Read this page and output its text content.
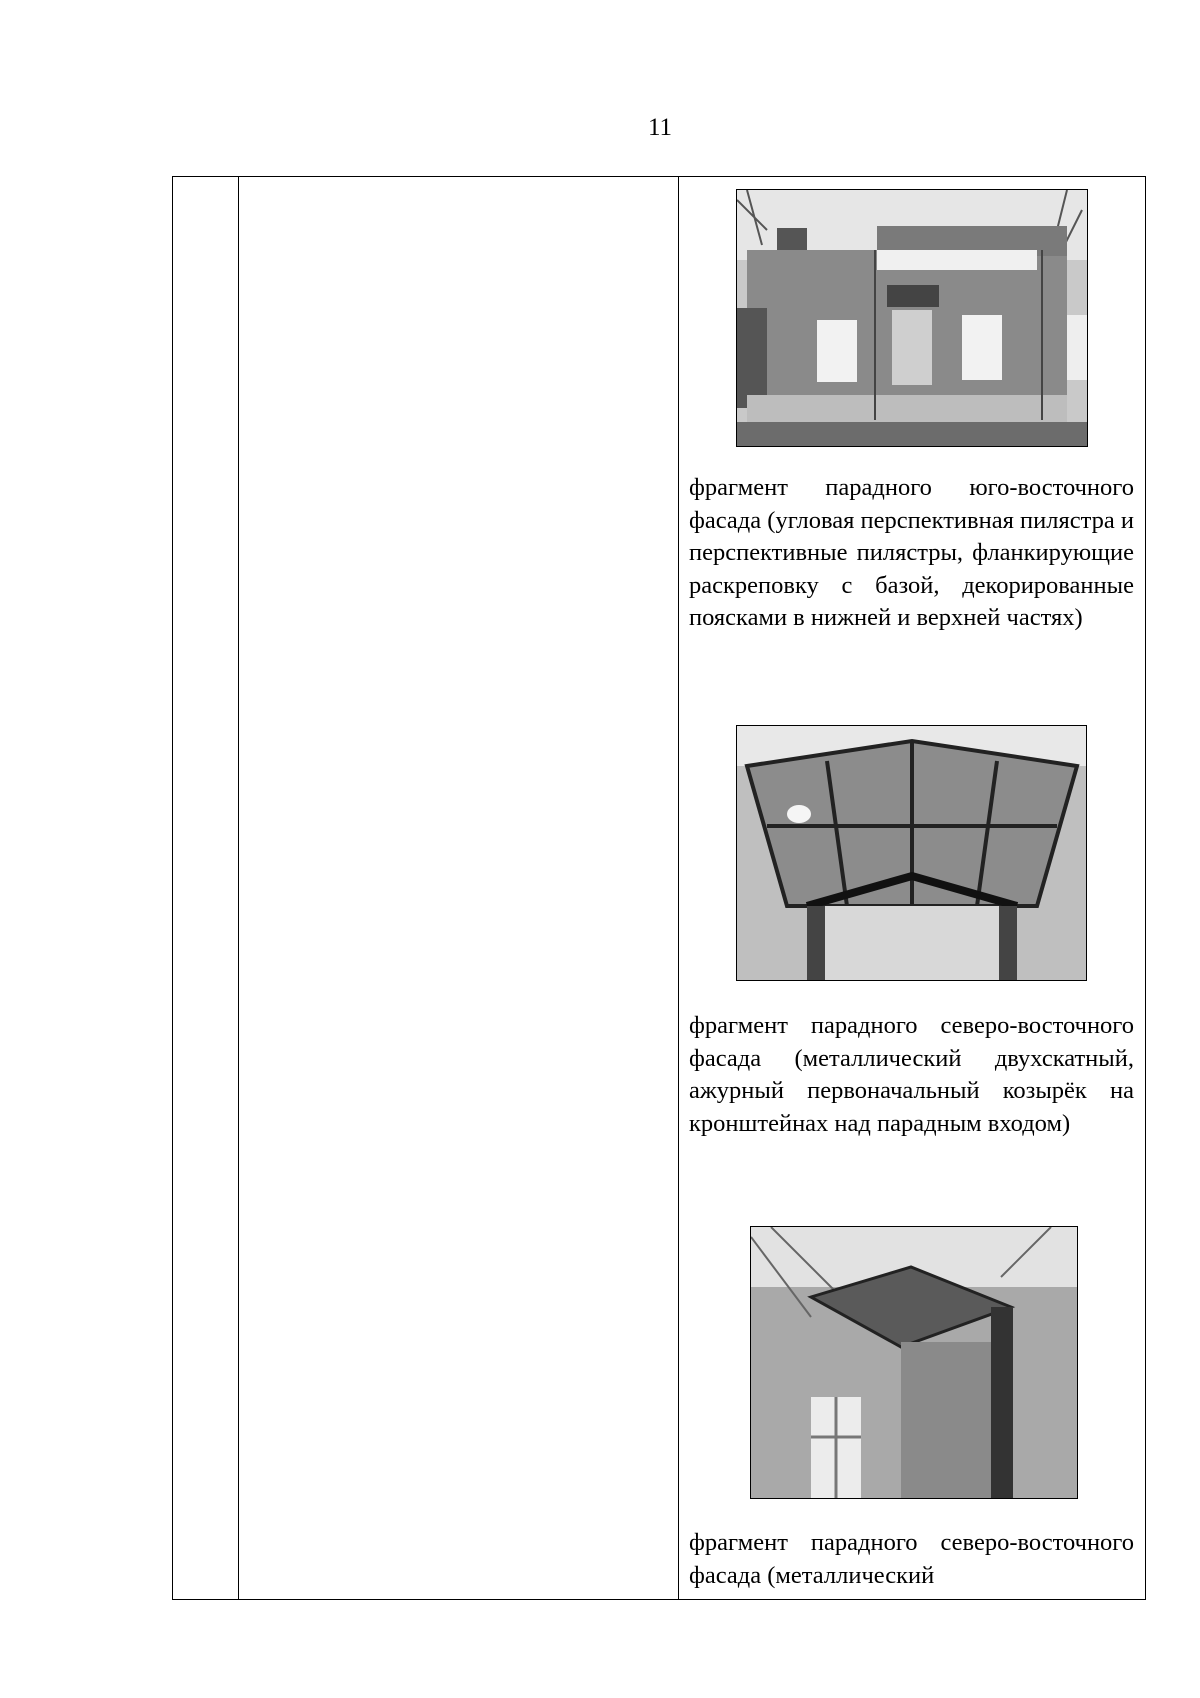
11

фрагмент парадного юго-восточного фасада (угловая перспективная пилястра и перспективные пилястры, фланкирующие раскреповку с базой, декорированные поясками в нижней и верхней частях)
фрагмент парадного северо-восточного фасада (металлический двухскатный, ажурный первоначальный козырёк на кронштейнах над парадным входом)
фрагмент парадного северо-восточного фасада (металлический
